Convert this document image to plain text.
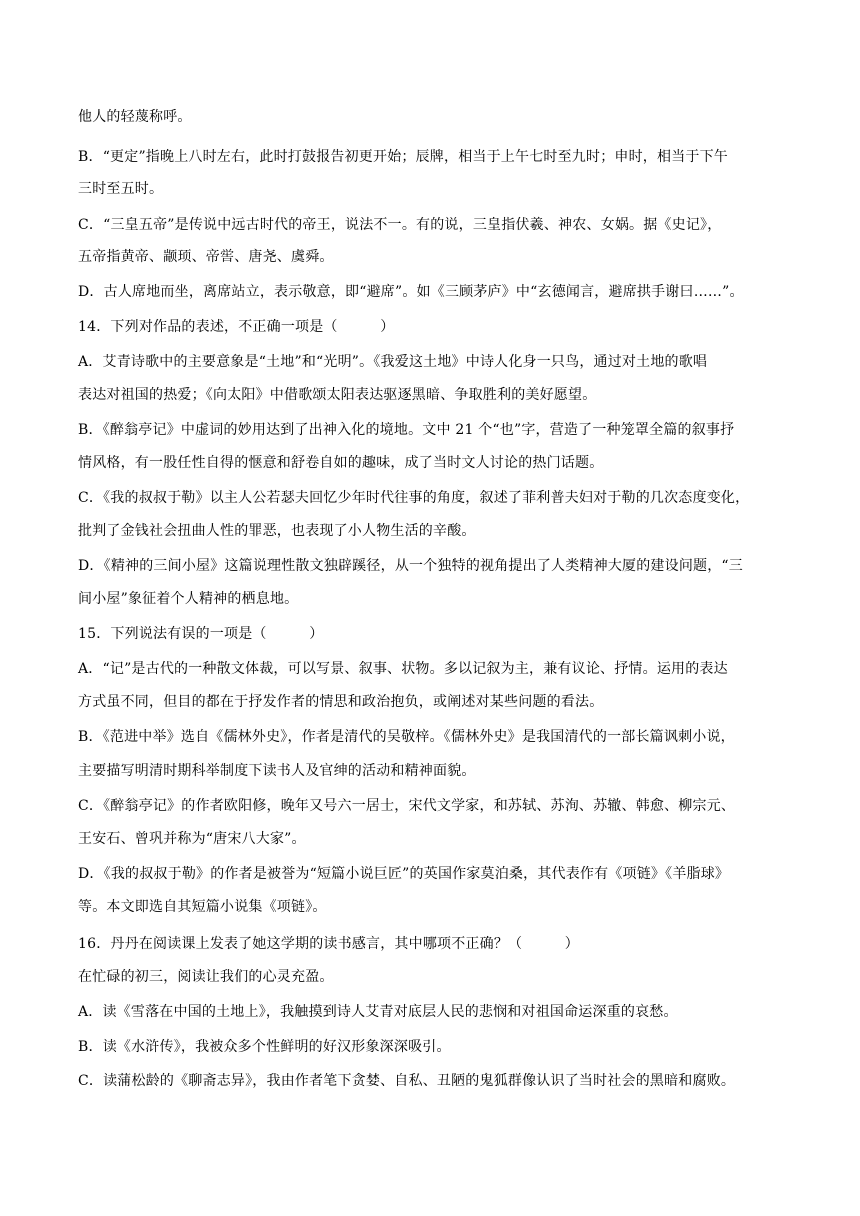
他人的轻蔑称呼。
B．“更定”指晚上八时左右，此时打鼓报告初更开始；辰牌，相当于上午七时至九时；申时，相当于下午
三时至五时。
C．“三皇五帝”是传说中远古时代的帝王，说法不一。有的说，三皇指伏羲、神农、女娲。据《史记》，
五帝指黄帝、颛顼、帝喾、唐尧、虞舜。
D．古人席地而坐，离席站立，表示敬意，即“避席”。如《三顾茅庐》中“玄德闻言，避席拱手谢曰……”。
14．下列对作品的表述，不正确一项是（　　　）
A．艾青诗歌中的主要意象是“土地”和“光明”。《我爱这土地》中诗人化身一只鸟，通过对土地的歌唱
表达对祖国的热爱；《向太阳》中借歌颂太阳表达驱逐黑暗、争取胜利的美好愿望。
B．《醉翁亭记》中虚词的妙用达到了出神入化的境地。文中 21 个“也”字，营造了一种笼罩全篇的叙事抒
情风格，有一股任性自得的惬意和舒卷自如的趣味，成了当时文人讨论的热门话题。
C．《我的叔叔于勒》以主人公若瑟夫回忆少年时代往事的角度，叙述了菲利普夫妇对于勒的几次态度变化，
批判了金钱社会扭曲人性的罪恶，也表现了小人物生活的辛酸。
D．《精神的三间小屋》这篇说理性散文独辟蹊径，从一个独特的视角提出了人类精神大厦的建设问题，“三
间小屋”象征着个人精神的栖息地。
15．下列说法有误的一项是（　　　）
A．“记”是古代的一种散文体裁，可以写景、叙事、状物。多以记叙为主，兼有议论、抒情。运用的表达
方式虽不同，但目的都在于抒发作者的情思和政治抱负，或阐述对某些问题的看法。
B．《范进中举》选自《儒林外史》，作者是清代的吴敬梓。《儒林外史》是我国清代的一部长篇讽刺小说，
主要描写明清时期科举制度下读书人及官绅的活动和精神面貌。
C．《醉翁亭记》的作者欧阳修，晚年又号六一居士，宋代文学家，和苏轼、苏洵、苏辙、韩愈、柳宗元、
王安石、曾巩并称为“唐宋八大家”。
D．《我的叔叔于勒》的作者是被誉为“短篇小说巨匠”的英国作家莫泊桑，其代表作有《项链》《羊脂球》
等。本文即选自其短篇小说集《项链》。
16．丹丹在阅读课上发表了她这学期的读书感言，其中哪项不正确？（　　　）
在忙碌的初三，阅读让我们的心灵充盈。
A．读《雪落在中国的土地上》，我触摸到诗人艾青对底层人民的悲悯和对祖国命运深重的哀愁。
B．读《水浒传》，我被众多个性鲜明的好汉形象深深吸引。
C．读蒲松龄的《聊斋志异》，我由作者笔下贪婪、自私、丑陋的鬼狐群像认识了当时社会的黑暗和腐败。
